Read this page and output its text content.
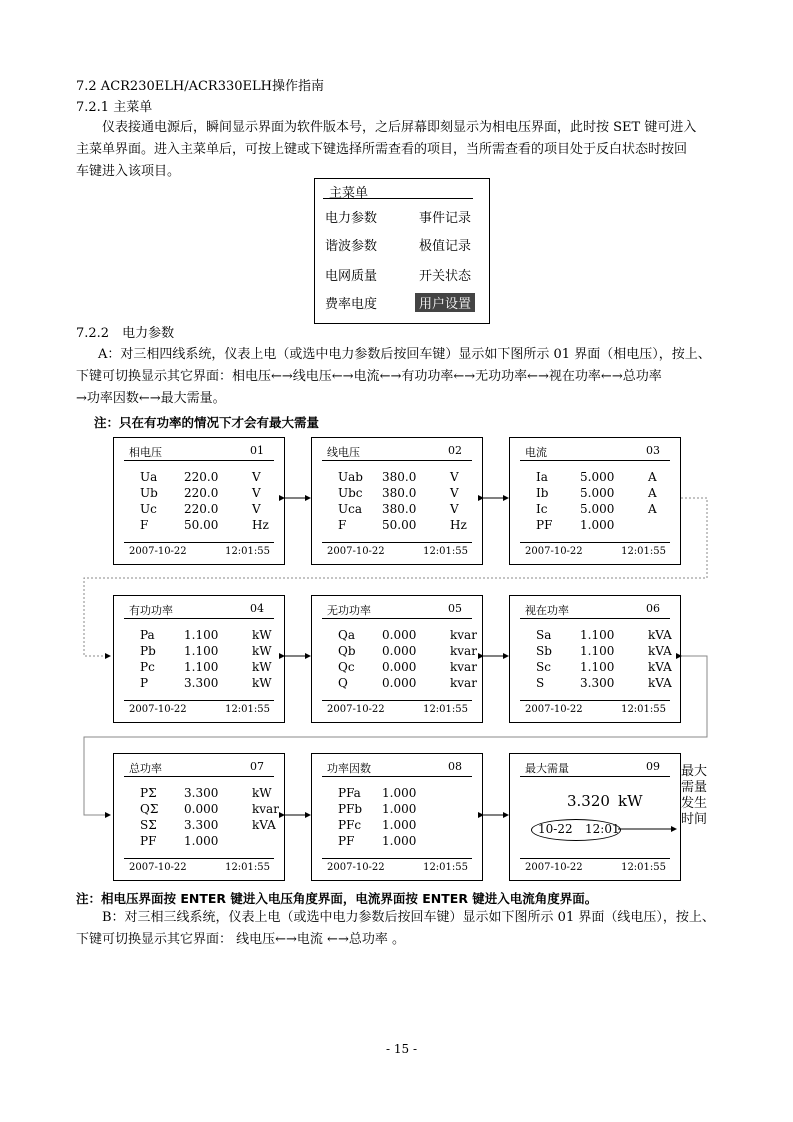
7.2 ACR230ELH/ACR330ELH操作指南
7.2.1 主菜单
仪表接通电源后，瞬间显示界面为软件版本号，之后屏幕即刻显示为相电压界面，此时按 SET 键可进入
主菜单界面。进入主菜单后，可按上键或下键选择所需查看的项目，当所需查看的项目处于反白状态时按回
车键进入该项目。
主菜单
电力参数	事件记录
谐波参数	极值记录
电网质量	开关状态
费率电度	用户设置
7.2.2　电力参数
A：对三相四线系统，仪表上电（或选中电力参数后按回车键）显示如下图所示 01 界面（相电压），按上、
下键可切换显示其它界面：相电压←→线电压←→电流←→有功功率←→无功功率←→视在功率←→总功率
→功率因数←→最大需量。
注：只在有功率的情况下才会有最大需量
相电压	01
Ua 220.0	V
Ub 220.0	V
Uc 220.0	V
F	50.00	Hz
2007-10-22	12:01:55
线电压	02
Uab 380.0	V
Ubc 380.0	V
Uca 380.0	V
F	50.00	Hz
2007-10-22	12:01:55
电流	03
Ia	5.000	A
Ib	5.000	A
Ic	5.000	A
PF 1.000
2007-10-22	12:01:55
有功功率	04
Pa 1.100	kW
Pb 1.100	kW
Pc 1.100	kW
P	3.300	kW
2007-10-22	12:01:55
无功功率	05
Qa 0.000	kvar
Qb 0.000	kvar
Qc 0.000	kvar
Q	0.000	kvar
2007-10-22	12:01:55
视在功率	06
Sa 1.100	kVA
Sb 1.100	kVA
Sc 1.100	kVA
S	3.300	kVA
2007-10-22	12:01:55
总功率	07
PΣ 3.300	kW
QΣ 0.000	kvar
SΣ 3.300	kVA
PF 1.000
2007-10-22	12:01:55
功率因数	08
PFa 1.000
PFb 1.000
PFc 1.000
PF 1.000
2007-10-22	12:01:55
最大需量	09
2007-10-22	12:01:55
3.320 kW
10-22 12:01
最大
需量
发生
时间
注：相电压界面按 ENTER 键进入电压角度界面，电流界面按 ENTER 键进入电流角度界面。
B：对三相三线系统，仪表上电（或选中电力参数后按回车键）显示如下图所示 01 界面（线电压），按上、
下键可切换显示其它界面： 线电压←→电流 ←→总功率 。
- 15 -
